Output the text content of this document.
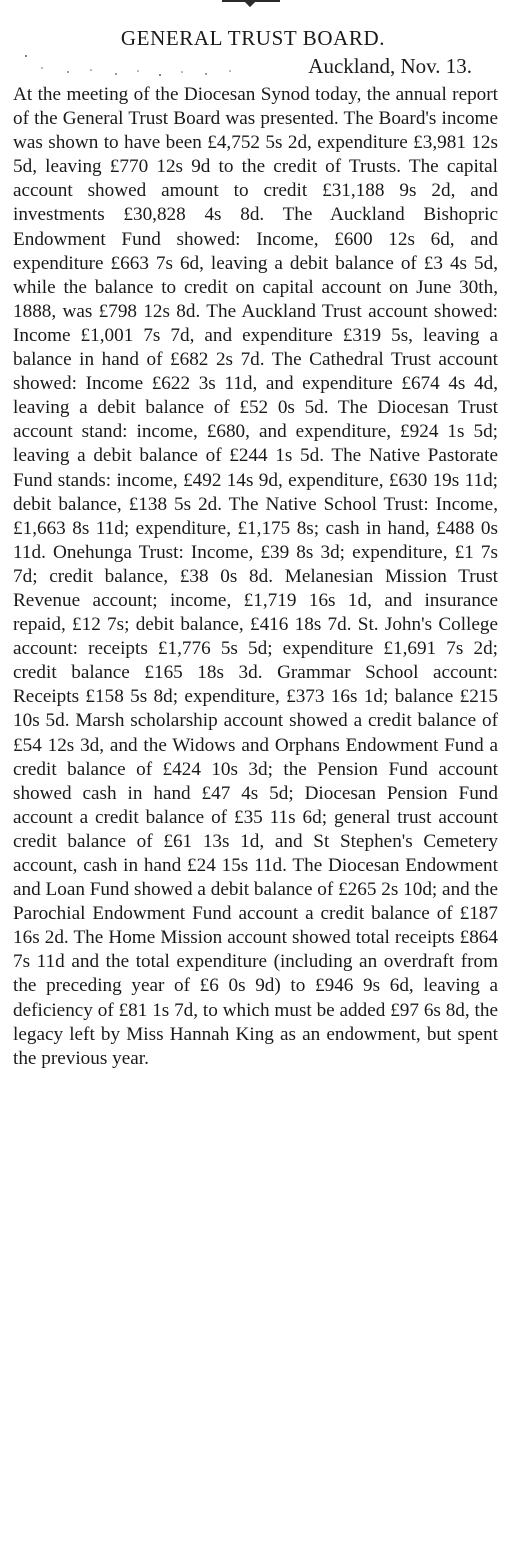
GENERAL TRUST BOARD.

Auckland, Nov. 13.

At the meeting of the Diocesan Synod today, the annual report of the General Trust Board was presented. The Board's income was shown to have been £4,752 5s 2d, expenditure £3,981 12s 5d, leaving £770 12s 9d to the credit of Trusts. The capital account showed amount to credit £31,188 9s 2d, and investments £30,828 4s 8d. The Auckland Bishopric Endowment Fund showed: Income, £600 12s 6d, and expenditure £663 7s 6d, leaving a debit balance of £3 4s 5d, while the balance to credit on capital account on June 30th, 1888, was £798 12s 8d. The Auckland Trust account showed: Income £1,001 7s 7d, and expenditure £319 5s, leaving a balance in hand of £682 2s 7d. The Cathedral Trust account showed: Income £622 3s 11d, and expenditure £674 4s 4d, leaving a debit balance of £52 0s 5d. The Diocesan Trust account stand: income, £680, and expenditure, £924 1s 5d; leaving a debit balance of £244 1s 5d. The Native Pastorate Fund stands: income, £492 14s 9d, expenditure, £630 19s 11d; debit balance, £138 5s 2d. The Native School Trust: Income, £1,663 8s 11d; expenditure, £1,175 8s; cash in hand, £488 0s 11d. Onehunga Trust: Income, £39 8s 3d; expenditure, £1 7s 7d; credit balance, £38 0s 8d. Melanesian Mission Trust Revenue account; income, £1,719 16s 1d, and insurance repaid, £12 7s; debit balance, £416 18s 7d. St. John's College account: receipts £1,776 5s 5d; expenditure £1,691 7s 2d; credit balance £165 18s 3d. Grammar School account: Receipts £158 5s 8d; expenditure, £373 16s 1d; balance £215 10s 5d. Marsh scholarship account showed a credit balance of £54 12s 3d, and the Widows and Orphans Endowment Fund a credit balance of £424 10s 3d; the Pension Fund account showed cash in hand £47 4s 5d; Diocesan Pension Fund account a credit balance of £35 11s 6d; general trust account credit balance of £61 13s 1d, and St Stephen's Cemetery account, cash in hand £24 15s 11d. The Diocesan Endowment and Loan Fund showed a debit balance of £265 2s 10d; and the Parochial Endowment Fund account a credit balance of £187 16s 2d. The Home Mission account showed total receipts £864 7s 11d and the total expenditure (including an overdraft from the preceding year of £6 0s 9d) to £946 9s 6d, leaving a deficiency of £81 1s 7d, to which must be added £97 6s 8d, the legacy left by Miss Hannah King as an endowment, but spent the previous year.
